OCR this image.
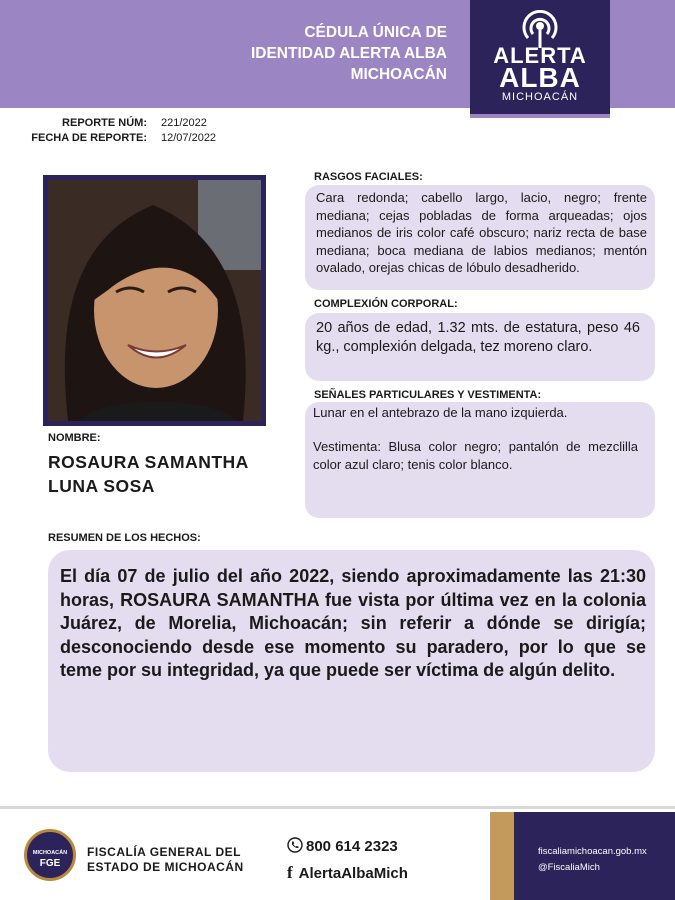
CÉDULA ÚNICA DE
IDENTIDAD ALERTA ALBA
MICHOACÁN
ALERTA
ALBA
MICHOACÁN
REPORTE NÚM: 221/2022
FECHA DE REPORTE: 12/07/2022
NOMBRE:
ROSAURA SAMANTHA
LUNA SOSA
RASGOS FACIALES:
Cara redonda; cabello largo, lacio, negro; frente mediana; cejas pobladas de forma arqueadas; ojos medianos de iris color café obscuro; nariz recta de base mediana; boca mediana de labios medianos; mentón ovalado, orejas chicas de lóbulo desadherido.
COMPLEXIÓN CORPORAL:
20 años de edad, 1.32 mts. de estatura, peso 46 kg., complexión delgada, tez moreno claro.
SEÑALES PARTICULARES Y VESTIMENTA:
Lunar en el antebrazo de la mano izquierda.
Vestimenta: Blusa color negro; pantalón de mezclilla color azul claro; tenis color blanco.
RESUMEN DE LOS HECHOS:
El día 07 de julio del año 2022, siendo aproximadamente las 21:30 horas, ROSAURA SAMANTHA fue vista por última vez en la colonia Juárez, de Morelia, Michoacán; sin referir a dónde se dirigía; desconociendo desde ese momento su paradero, por lo que se teme por su integridad, ya que puede ser víctima de algún delito.
MICHOACÁN
FGE
FISCALÍA GENERAL DEL
ESTADO DE MICHOACÁN
800 614 2323
f AlertaAlbaMich
fiscaliamichoacan.gob.mx
@FiscaliaMich
